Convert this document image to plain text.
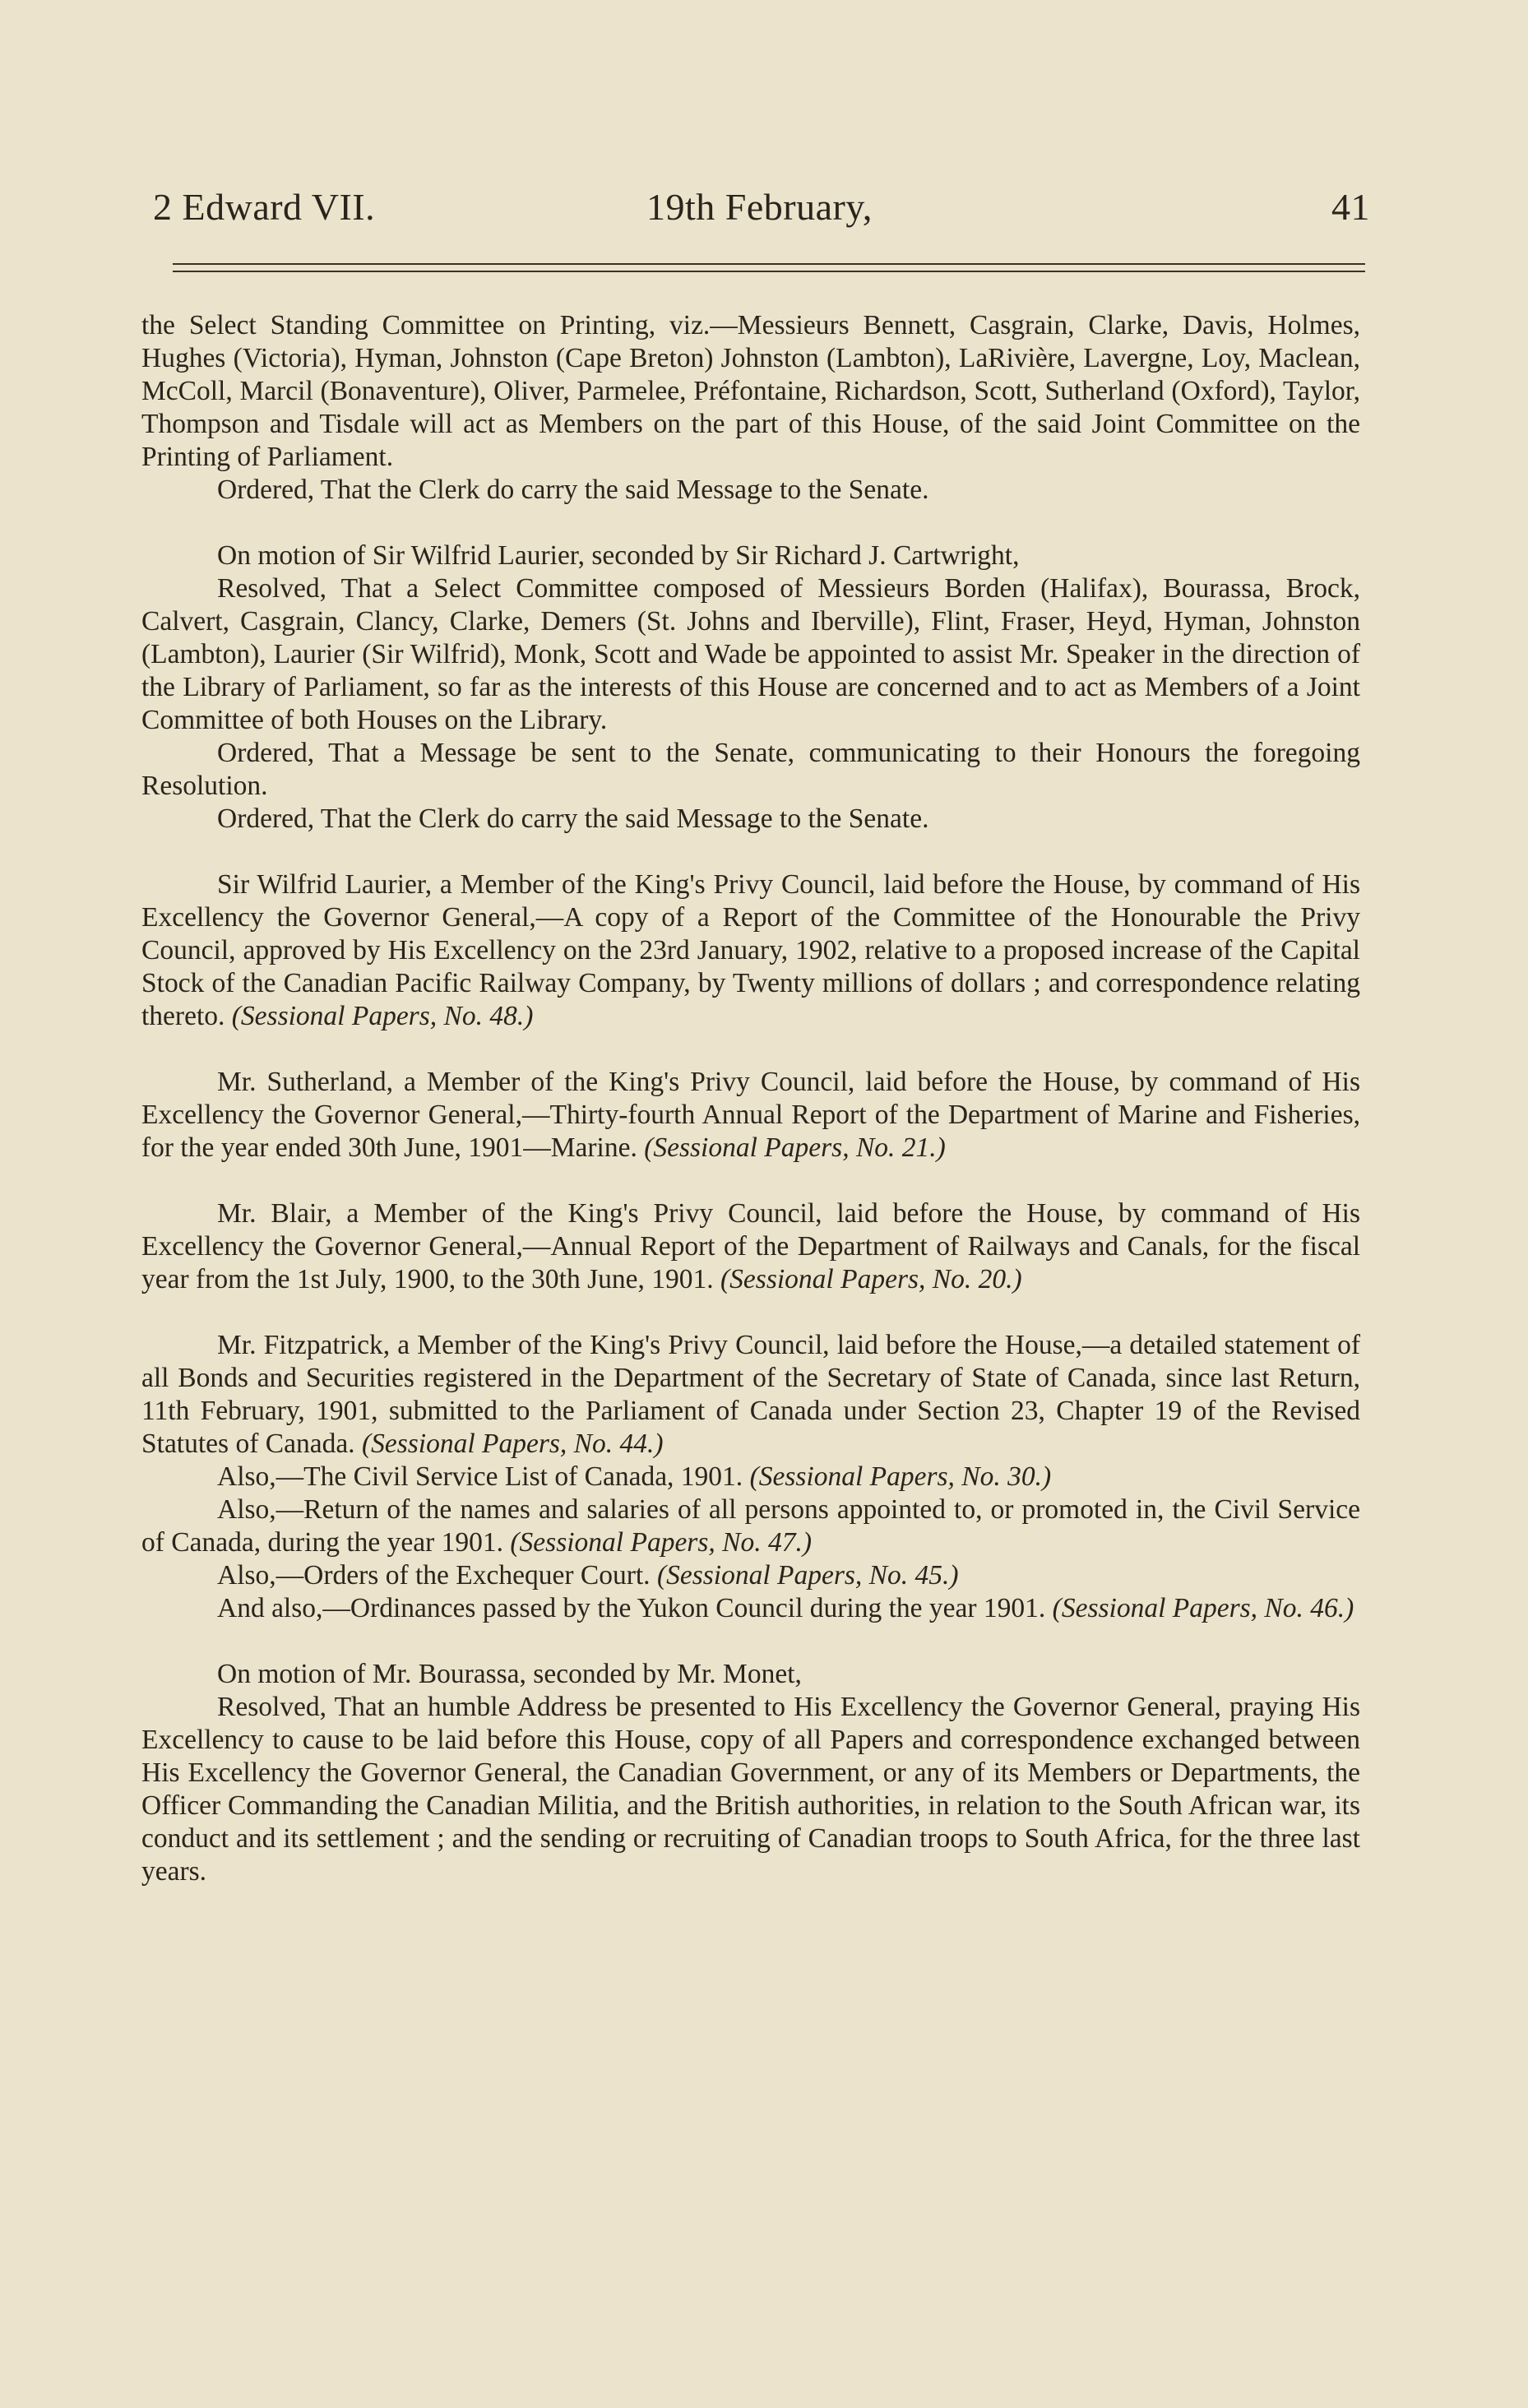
2 Edward VII.	19th February,	41

the Select Standing Committee on Printing, viz.—Messieurs Bennett, Casgrain, Clarke, Davis, Holmes, Hughes (Victoria), Hyman, Johnston (Cape Breton) Johnston (Lambton), LaRivière, Lavergne, Loy, Maclean, McColl, Marcil (Bonaventure), Oliver, Parmelee, Préfontaine, Richardson, Scott, Sutherland (Oxford), Taylor, Thompson and Tisdale will act as Members on the part of this House, of the said Joint Committee on the Printing of Parliament.

Ordered, That the Clerk do carry the said Message to the Senate.

On motion of Sir Wilfrid Laurier, seconded by Sir Richard J. Cartwright,

Resolved, That a Select Committee composed of Messieurs Borden (Halifax), Bourassa, Brock, Calvert, Casgrain, Clancy, Clarke, Demers (St. Johns and Iberville), Flint, Fraser, Heyd, Hyman, Johnston (Lambton), Laurier (Sir Wilfrid), Monk, Scott and Wade be appointed to assist Mr. Speaker in the direction of the Library of Parliament, so far as the interests of this House are concerned and to act as Members of a Joint Committee of both Houses on the Library.

Ordered, That a Message be sent to the Senate, communicating to their Honours the foregoing Resolution.

Ordered, That the Clerk do carry the said Message to the Senate.

Sir Wilfrid Laurier, a Member of the King's Privy Council, laid before the House, by command of His Excellency the Governor General,—A copy of a Report of the Committee of the Honourable the Privy Council, approved by His Excellency on the 23rd January, 1902, relative to a proposed increase of the Capital Stock of the Canadian Pacific Railway Company, by Twenty millions of dollars ; and correspondence relating thereto. (Sessional Papers, No. 48.)

Mr. Sutherland, a Member of the King's Privy Council, laid before the House, by command of His Excellency the Governor General,—Thirty-fourth Annual Report of the Department of Marine and Fisheries, for the year ended 30th June, 1901—Marine. (Sessional Papers, No. 21.)

Mr. Blair, a Member of the King's Privy Council, laid before the House, by command of His Excellency the Governor General,—Annual Report of the Department of Railways and Canals, for the fiscal year from the 1st July, 1900, to the 30th June, 1901. (Sessional Papers, No. 20.)

Mr. Fitzpatrick, a Member of the King's Privy Council, laid before the House,—a detailed statement of all Bonds and Securities registered in the Department of the Secretary of State of Canada, since last Return, 11th February, 1901, submitted to the Parliament of Canada under Section 23, Chapter 19 of the Revised Statutes of Canada. (Sessional Papers, No. 44.)

Also,—The Civil Service List of Canada, 1901. (Sessional Papers, No. 30.)

Also,—Return of the names and salaries of all persons appointed to, or promoted in, the Civil Service of Canada, during the year 1901. (Sessional Papers, No. 47.)

Also,—Orders of the Exchequer Court. (Sessional Papers, No. 45.)

And also,—Ordinances passed by the Yukon Council during the year 1901. (Sessional Papers, No. 46.)

On motion of Mr. Bourassa, seconded by Mr. Monet,

Resolved, That an humble Address be presented to His Excellency the Governor General, praying His Excellency to cause to be laid before this House, copy of all Papers and correspondence exchanged between His Excellency the Governor General, the Canadian Government, or any of its Members or Departments, the Officer Commanding the Canadian Militia, and the British authorities, in relation to the South African war, its conduct and its settlement ; and the sending or recruiting of Canadian troops to South Africa, for the three last years.
